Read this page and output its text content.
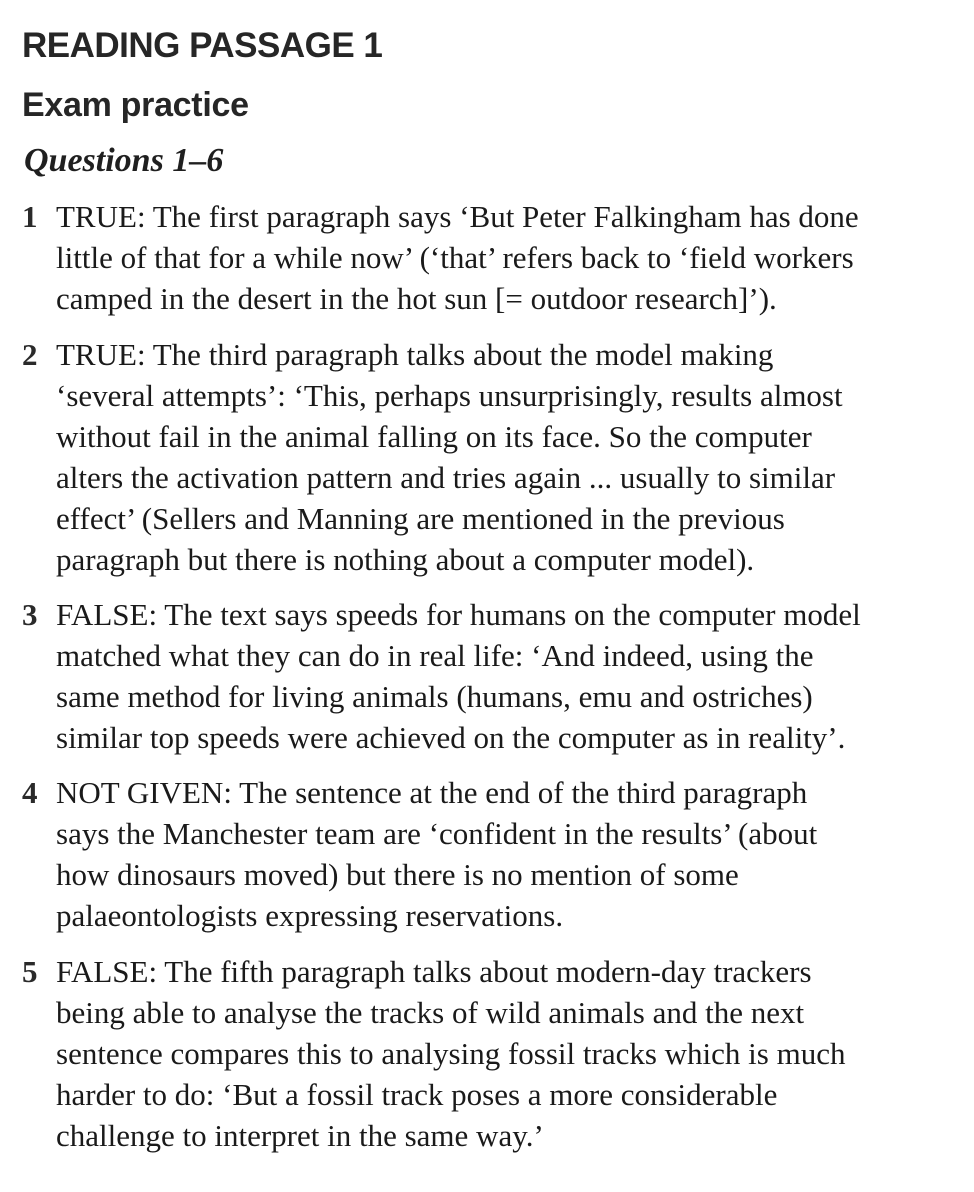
READING PASSAGE 1
Exam practice
Questions 1–6
1 TRUE: The first paragraph says ‘But Peter Falkingham has done
little of that for a while now’ (‘that’ refers back to ‘field workers
camped in the desert in the hot sun [= outdoor research]’).
2 TRUE: The third paragraph talks about the model making
‘several attempts’: ‘This, perhaps unsurprisingly, results almost
without fail in the animal falling on its face. So the computer
alters the activation pattern and tries again ... usually to similar
effect’ (Sellers and Manning are mentioned in the previous
paragraph but there is nothing about a computer model).
3 FALSE: The text says speeds for humans on the computer model
matched what they can do in real life: ‘And indeed, using the
same method for living animals (humans, emu and ostriches)
similar top speeds were achieved on the computer as in reality’.
4 NOT GIVEN: The sentence at the end of the third paragraph
says the Manchester team are ‘confident in the results’ (about
how dinosaurs moved) but there is no mention of some
palaeontologists expressing reservations.
5 FALSE: The fifth paragraph talks about modern-day trackers
being able to analyse the tracks of wild animals and the next
sentence compares this to analysing fossil tracks which is much
harder to do: ‘But a fossil track poses a more considerable
challenge to interpret in the same way.’
